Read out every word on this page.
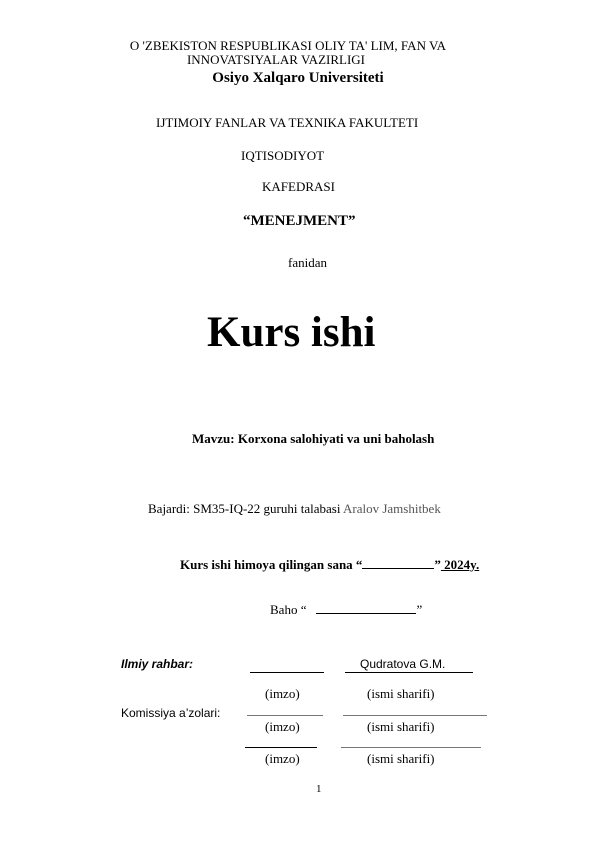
O 'ZBEKISTON RESPUBLIKASI OLIY TA' LIM, FAN VA
INNOVATSIYALAR VAZIRLIGI
Osiyo Xalqaro Universiteti
IJTIMOIY FANLAR VA TEXNIKA FAKULTETI
IQTISODIYOT
KAFEDRASI
“MENEJMENT”
fanidan
Kurs ishi
Mavzu: Korxona salohiyati va uni baholash
Bajardi: SM35-IQ-22 guruhi talabasi Aralov Jamshitbek
Kurs ishi himoya qilingan sana “	” 2024y.
Baho “	”
Ilmiy rahbar:	Qudratova G.M.
(imzo)	(ismi sharifi)
Komissiya a’zolari:
(imzo)	(ismi sharifi)
(imzo)	(ismi sharifi)
1
